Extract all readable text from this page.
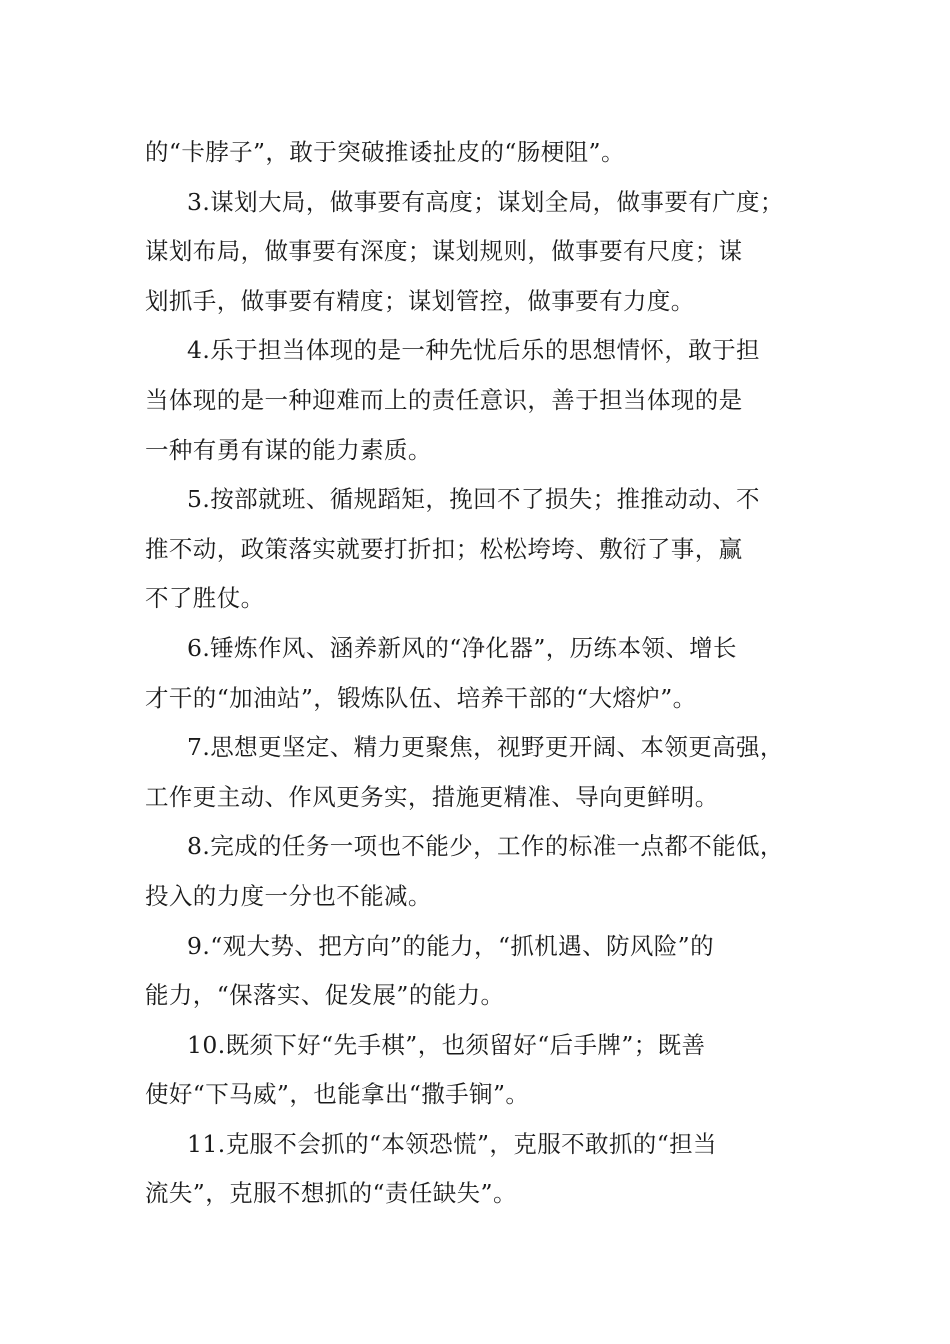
的“卡脖子”，敢于突破推诿扯皮的“肠梗阻”。
3.谋划大局，做事要有高度；谋划全局，做事要有广度；
谋划布局，做事要有深度；谋划规则，做事要有尺度；谋
划抓手，做事要有精度；谋划管控，做事要有力度。
4.乐于担当体现的是一种先忧后乐的思想情怀，敢于担
当体现的是一种迎难而上的责任意识，善于担当体现的是
一种有勇有谋的能力素质。
5.按部就班、循规蹈矩，挽回不了损失；推推动动、不
推不动，政策落实就要打折扣；松松垮垮、敷衍了事，赢
不了胜仗。
6.锤炼作风、涵养新风的“净化器”，历练本领、增长
才干的“加油站”，锻炼队伍、培养干部的“大熔炉”。
7.思想更坚定、精力更聚焦，视野更开阔、本领更高强，
工作更主动、作风更务实，措施更精准、导向更鲜明。
8.完成的任务一项也不能少，工作的标准一点都不能低，
投入的力度一分也不能减。
9.“观大势、把方向”的能力，“抓机遇、防风险”的
能力，“保落实、促发展”的能力。
10.既须下好“先手棋”，也须留好“后手牌”；既善
使好“下马威”，也能拿出“撒手锏”。
11.克服不会抓的“本领恐慌”，克服不敢抓的“担当
流失”，克服不想抓的“责任缺失”。
